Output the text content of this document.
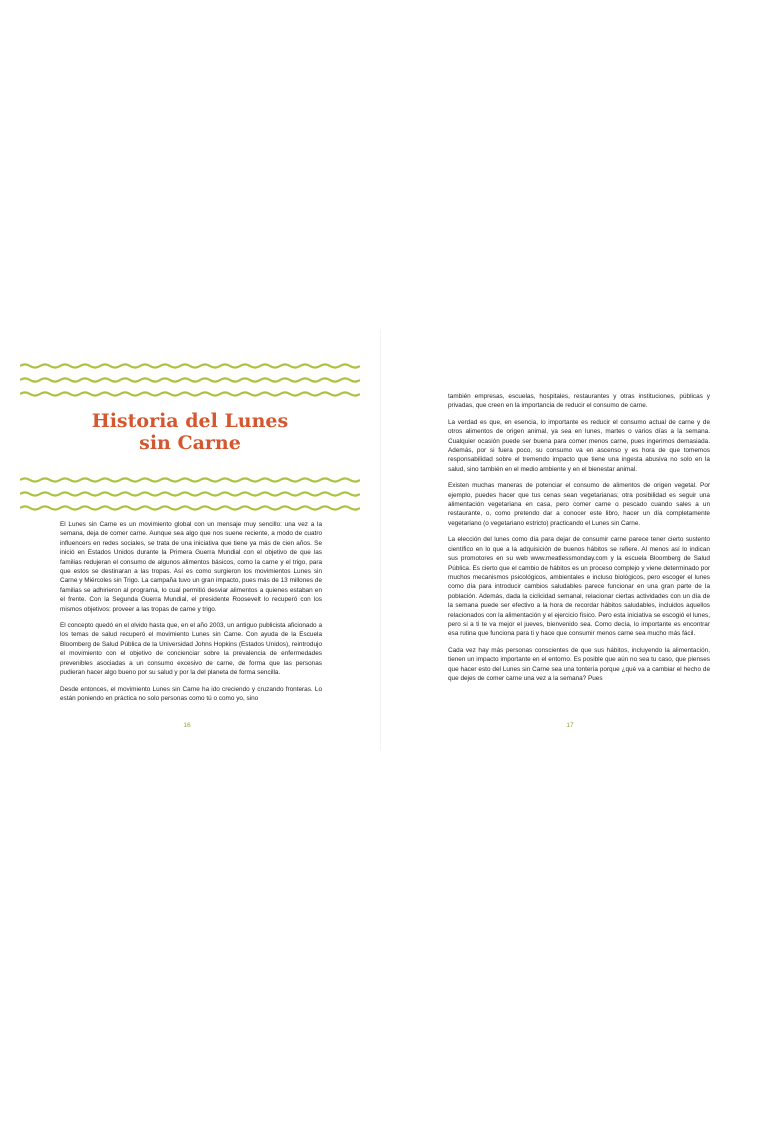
Historia del Lunes
sin Carne

El Lunes sin Carne es un movimiento global con un mensaje muy sencillo: una vez a la semana, deja de comer carne. Aunque sea algo que nos suene reciente, a modo de cuatro influencers en redes sociales, se trata de una iniciativa que tiene ya más de cien años. Se inició en Estados Unidos durante la Primera Guerra Mundial con el objetivo de que las familias redujeran el consumo de algunos alimentos básicos, como la carne y el trigo, para que estos se destinaran a las tropas. Así es como surgieron los movimientos Lunes sin Carne y Miércoles sin Trigo. La campaña tuvo un gran impacto, pues más de 13 millones de familias se adhirieron al programa, lo cual permitió desviar alimentos a quienes estaban en el frente. Con la Segunda Guerra Mundial, el presidente Roosevelt lo recuperó con los mismos objetivos: proveer a las tropas de carne y trigo.

El concepto quedó en el olvido hasta que, en el año 2003, un antiguo publicista aficionado a los temas de salud recuperó el movimiento Lunes sin Carne. Con ayuda de la Escuela Bloomberg de Salud Pública de la Universidad Johns Hopkins (Estados Unidos), reintrodujo el movimiento con el objetivo de concienciar sobre la prevalencia de enfermedades prevenibles asociadas a un consumo excesivo de carne, de forma que las personas pudieran hacer algo bueno por su salud y por la del planeta de forma sencilla.

Desde entonces, el movimiento Lunes sin Carne ha ido creciendo y cruzando fronteras. Lo están poniendo en práctica no solo personas como tú o como yo, sino

16

también empresas, escuelas, hospitales, restaurantes y otras instituciones, públicas y privadas, que creen en la importancia de reducir el consumo de carne.

La verdad es que, en esencia, lo importante es reducir el consumo actual de carne y de otros alimentos de origen animal, ya sea en lunes, martes o varios días a la semana. Cualquier ocasión puede ser buena para comer menos carne, pues ingerimos demasiada. Además, por si fuera poco, su consumo va en ascenso y es hora de que tomemos responsabilidad sobre el tremendo impacto que tiene una ingesta abusiva no solo en la salud, sino también en el medio ambiente y en el bienestar animal.

Existen muchas maneras de potenciar el consumo de alimentos de origen vegetal. Por ejemplo, puedes hacer que tus cenas sean vegetarianas; otra posibilidad es seguir una alimentación vegetariana en casa, pero comer carne o pescado cuando sales a un restaurante, o, como pretendo dar a conocer este libro, hacer un día completamente vegetariano (o vegetariano estricto) practicando el Lunes sin Carne.

La elección del lunes como día para dejar de consumir carne parece tener cierto sustento científico en lo que a la adquisición de buenos hábitos se refiere. Al menos así lo indican sus promotores en su web www.meatlessmonday.com y la escuela Bloomberg de Salud Pública. Es cierto que el cambio de hábitos es un proceso complejo y viene determinado por muchos mecanismos psicológicos, ambientales e incluso biológicos, pero escoger el lunes como día para introducir cambios saludables parece funcionar en una gran parte de la población. Además, dada la ciclicidad semanal, relacionar ciertas actividades con un día de la semana puede ser efectivo a la hora de recordar hábitos saludables, incluidos aquellos relacionados con la alimentación y el ejercicio físico. Pero esta iniciativa se escogió el lunes, pero si a ti te va mejor el jueves, bienvenido sea. Como decía, lo importante es encontrar esa rutina que funciona para ti y hace que consumir menos carne sea mucho más fácil.

Cada vez hay más personas conscientes de que sus hábitos, incluyendo la alimentación, tienen un impacto importante en el entorno. Es posible que aún no sea tu caso, que pienses que hacer esto del Lunes sin Carne sea una tontería porque ¿qué va a cambiar el hecho de que dejes de comer carne una vez a la semana? Pues

17
